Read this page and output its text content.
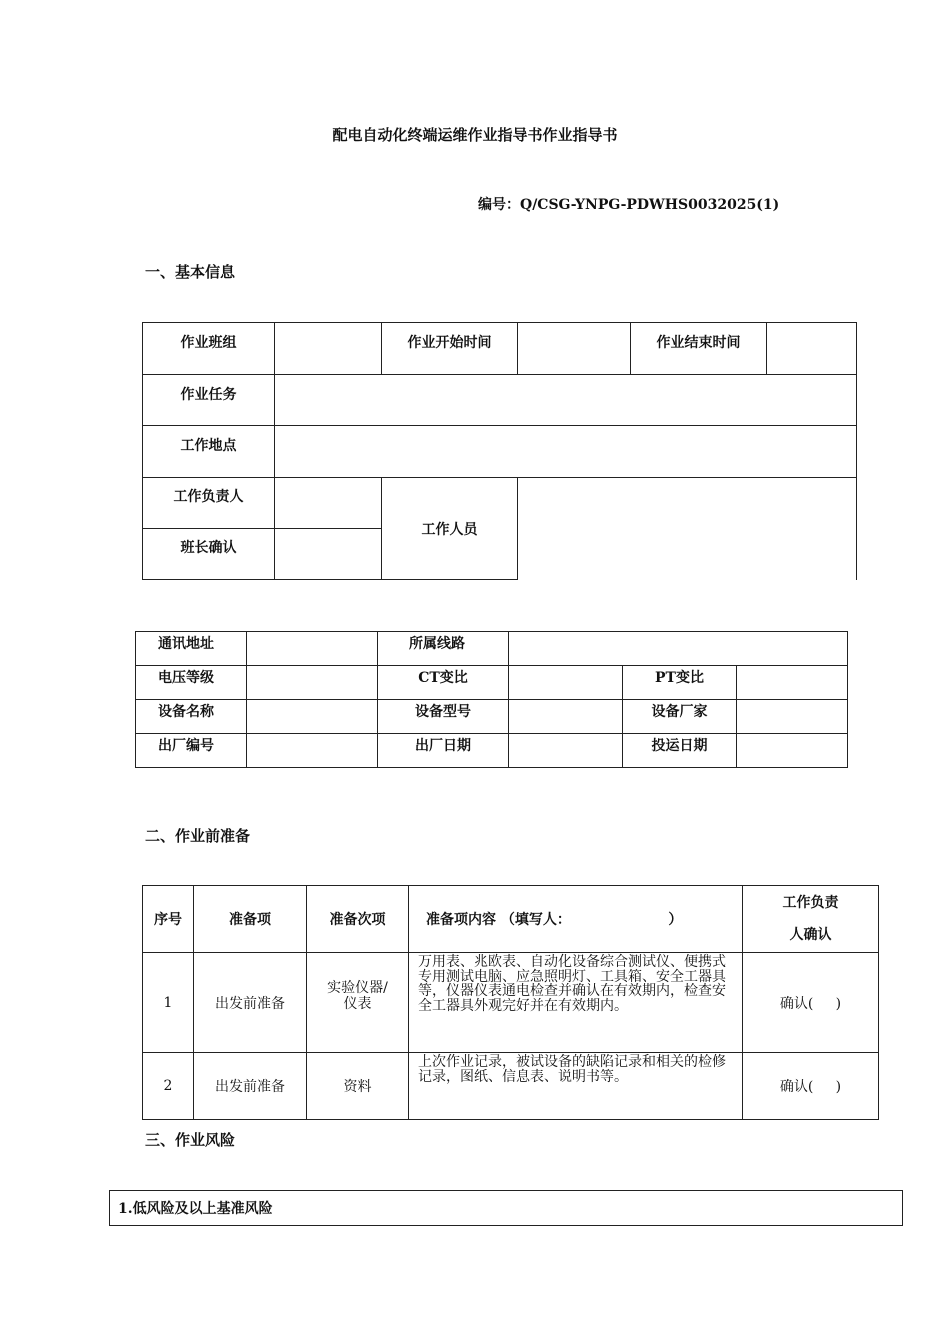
配电自动化终端运维作业指导书作业指导书
编号：Q/CSG-YNPG-PDWHS0032025(1)
一、基本信息
作业班组		作业开始时间		作业结束时间	
作业任务					
工作地点					
工作负责人		工作人员			
班长确认					
通讯地址		所属线路			
电压等级		CT变比		PT变比	
设备名称		设备型号		设备厂家	
出厂编号		出厂日期		投运日期	
二、作业前准备
序号	准备项	准备次项	准备项内容 （填写人：                    ）	工作负责
人确认

1	出发前准备	实验仪器/
仪表	万用表、兆欧表、自动化设备综合测试仪、便携式专用测试电脑、应急照明灯、工具箱、安全工器具等，仪器仪表通电检查并确认在有效期内，检查安全工器具外观完好并在有效期内。	确认(     )
2	出发前准备	资料	上次作业记录，被试设备的缺陷记录和相关的检修记录，图纸、信息表、说明书等。	确认(     )
三、作业风险
1.低风险及以上基准风险
